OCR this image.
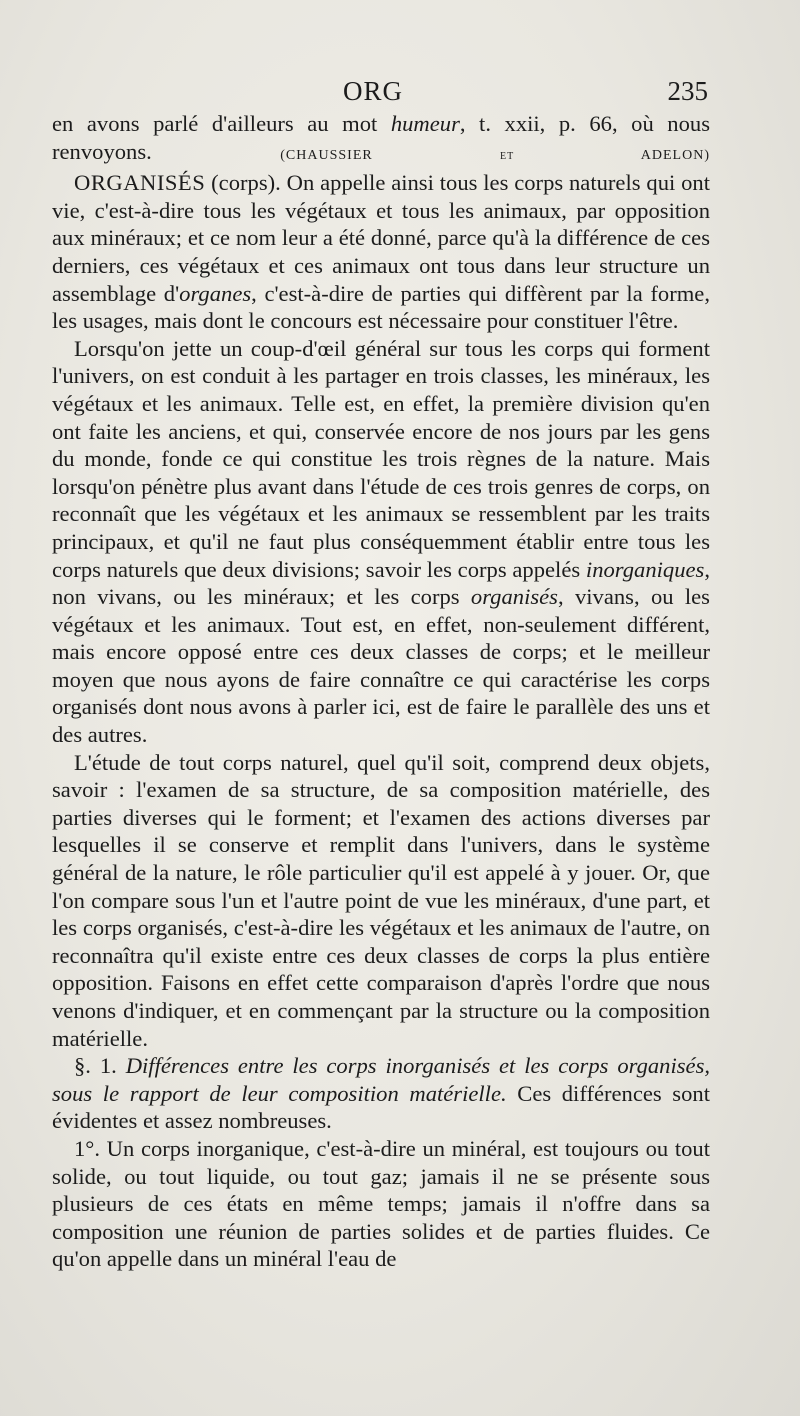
ORG	235

en avons parlé d'ailleurs au mot humeur, t. xxii, p. 66, où nous renvoyons.	(CHAUSSIER et ADELON)

ORGANISÉS (corps). On appelle ainsi tous les corps naturels qui ont vie, c'est-à-dire tous les végétaux et tous les animaux, par opposition aux minéraux; et ce nom leur a été donné, parce qu'à la différence de ces derniers, ces végétaux et ces animaux ont tous dans leur structure un assemblage d'organes, c'est-à-dire de parties qui diffèrent par la forme, les usages, mais dont le concours est nécessaire pour constituer l'être.

Lorsqu'on jette un coup-d'œil général sur tous les corps qui forment l'univers, on est conduit à les partager en trois classes, les minéraux, les végétaux et les animaux. Telle est, en effet, la première division qu'en ont faite les anciens, et qui, conservée encore de nos jours par les gens du monde, fonde ce qui constitue les trois règnes de la nature. Mais lorsqu'on pénètre plus avant dans l'étude de ces trois genres de corps, on reconnaît que les végétaux et les animaux se ressemblent par les traits principaux, et qu'il ne faut plus conséquemment établir entre tous les corps naturels que deux divisions; savoir les corps appelés inorganiques, non vivans, ou les minéraux; et les corps organisés, vivans, ou les végétaux et les animaux. Tout est, en effet, non-seulement différent, mais encore opposé entre ces deux classes de corps; et le meilleur moyen que nous ayons de faire connaître ce qui caractérise les corps organisés dont nous avons à parler ici, est de faire le parallèle des uns et des autres.

L'étude de tout corps naturel, quel qu'il soit, comprend deux objets, savoir : l'examen de sa structure, de sa composition matérielle, des parties diverses qui le forment; et l'examen des actions diverses par lesquelles il se conserve et remplit dans l'univers, dans le système général de la nature, le rôle particulier qu'il est appelé à y jouer. Or, que l'on compare sous l'un et l'autre point de vue les minéraux, d'une part, et les corps organisés, c'est-à-dire les végétaux et les animaux de l'autre, on reconnaîtra qu'il existe entre ces deux classes de corps la plus entière opposition. Faisons en effet cette comparaison d'après l'ordre que nous venons d'indiquer, et en commençant par la structure ou la composition matérielle.

§. 1. Différences entre les corps inorganisés et les corps organisés, sous le rapport de leur composition matérielle. Ces différences sont évidentes et assez nombreuses.

1°. Un corps inorganique, c'est-à-dire un minéral, est toujours ou tout solide, ou tout liquide, ou tout gaz; jamais il ne se présente sous plusieurs de ces états en même temps; jamais il n'offre dans sa composition une réunion de parties solides et de parties fluides. Ce qu'on appelle dans un minéral l'eau de
